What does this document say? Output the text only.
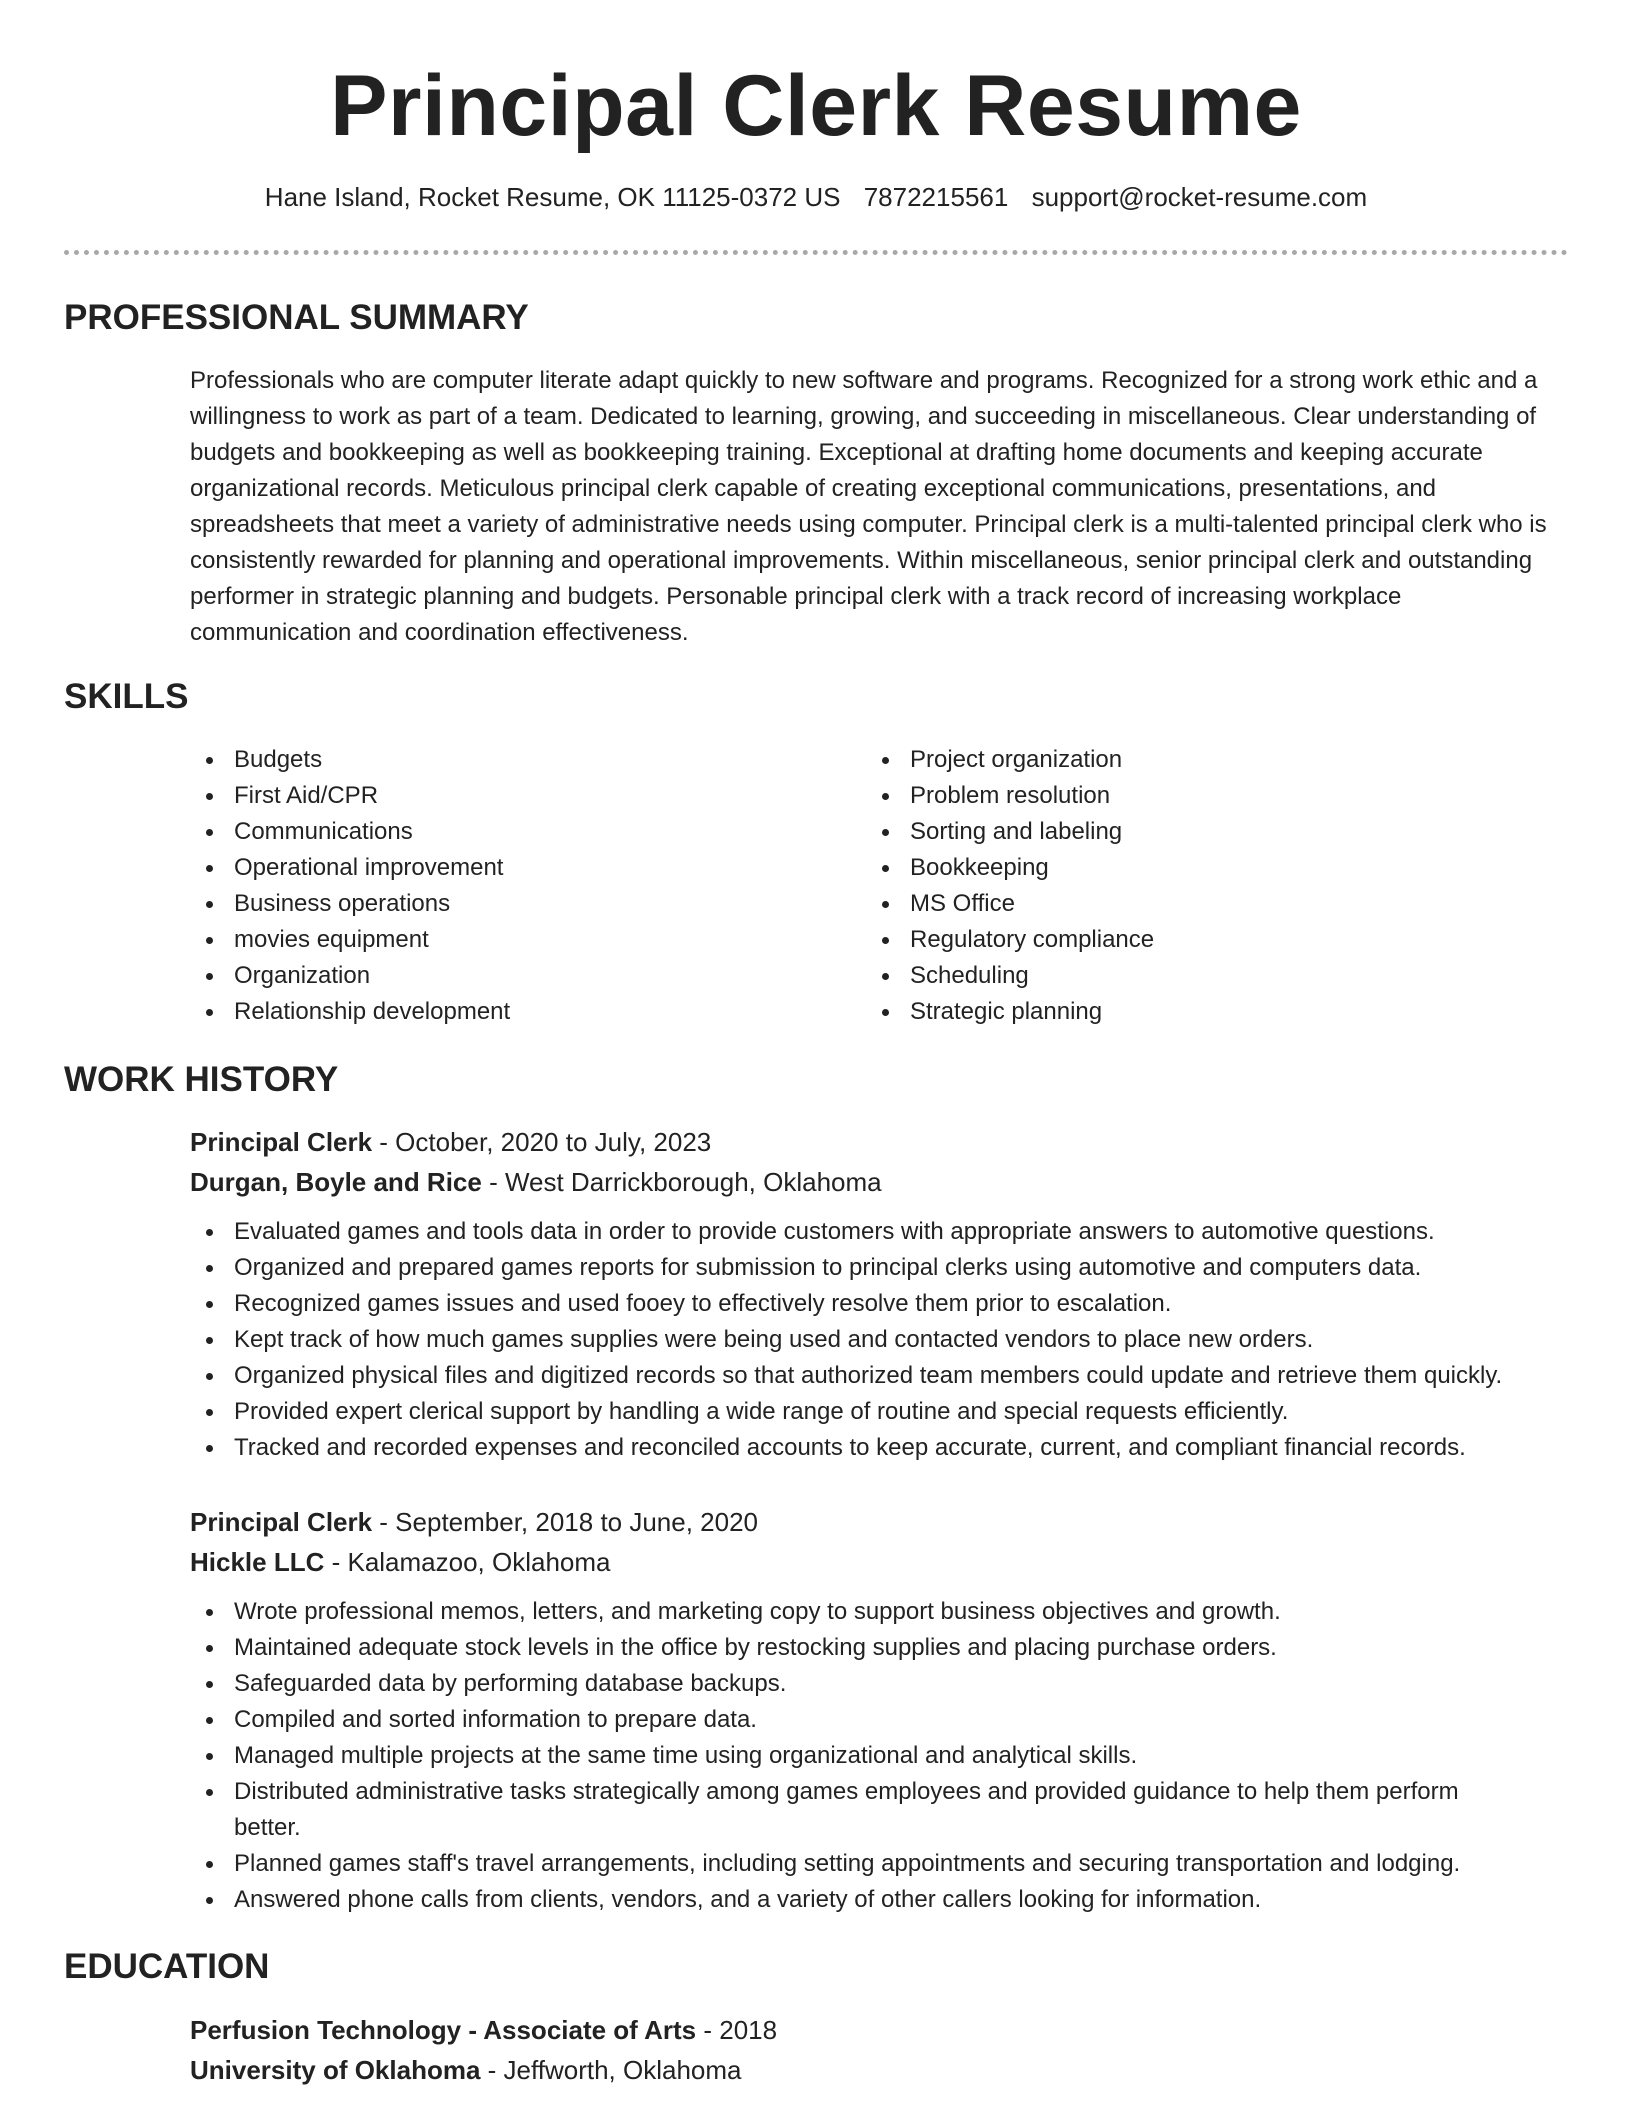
Principal Clerk Resume
Hane Island, Rocket Resume, OK 11125-0372 US 7872215561 support@rocket-resume.com
PROFESSIONAL SUMMARY

Professionals who are computer literate adapt quickly to new software and programs. Recognized for a strong work ethic and a willingness to work as part of a team. Dedicated to learning, growing, and succeeding in miscellaneous. Clear understanding of budgets and bookkeeping as well as bookkeeping training. Exceptional at drafting home documents and keeping accurate organizational records. Meticulous principal clerk capable of creating exceptional communications, presentations, and spreadsheets that meet a variety of administrative needs using computer. Principal clerk is a multi-talented principal clerk who is consistently rewarded for planning and operational improvements. Within miscellaneous, senior principal clerk and outstanding performer in strategic planning and budgets. Personable principal clerk with a track record of increasing workplace communication and coordination effectiveness.

SKILLS
Budgets
First Aid/CPR
Communications
Operational improvement
Business operations
movies equipment
Organization
Relationship development
Project organization
Problem resolution
Sorting and labeling
Bookkeeping
MS Office
Regulatory compliance
Scheduling
Strategic planning
WORK HISTORY

Principal Clerk - October, 2020 to July, 2023

Durgan, Boyle and Rice - West Darrickborough, Oklahoma

Evaluated games and tools data in order to provide customers with appropriate answers to automotive questions.
Organized and prepared games reports for submission to principal clerks using automotive and computers data.
Recognized games issues and used fooey to effectively resolve them prior to escalation.
Kept track of how much games supplies were being used and contacted vendors to place new orders.
Organized physical files and digitized records so that authorized team members could update and retrieve them quickly.
Provided expert clerical support by handling a wide range of routine and special requests efficiently.
Tracked and recorded expenses and reconciled accounts to keep accurate, current, and compliant financial records.

Principal Clerk - September, 2018 to June, 2020

Hickle LLC - Kalamazoo, Oklahoma

Wrote professional memos, letters, and marketing copy to support business objectives and growth.
Maintained adequate stock levels in the office by restocking supplies and placing purchase orders.
Safeguarded data by performing database backups.
Compiled and sorted information to prepare data.
Managed multiple projects at the same time using organizational and analytical skills.
Distributed administrative tasks strategically among games employees and provided guidance to help them perform better.
Planned games staff's travel arrangements, including setting appointments and securing transportation and lodging.
Answered phone calls from clients, vendors, and a variety of other callers looking for information.
EDUCATION

Perfusion Technology - Associate of Arts - 2018

University of Oklahoma - Jeffworth, Oklahoma
